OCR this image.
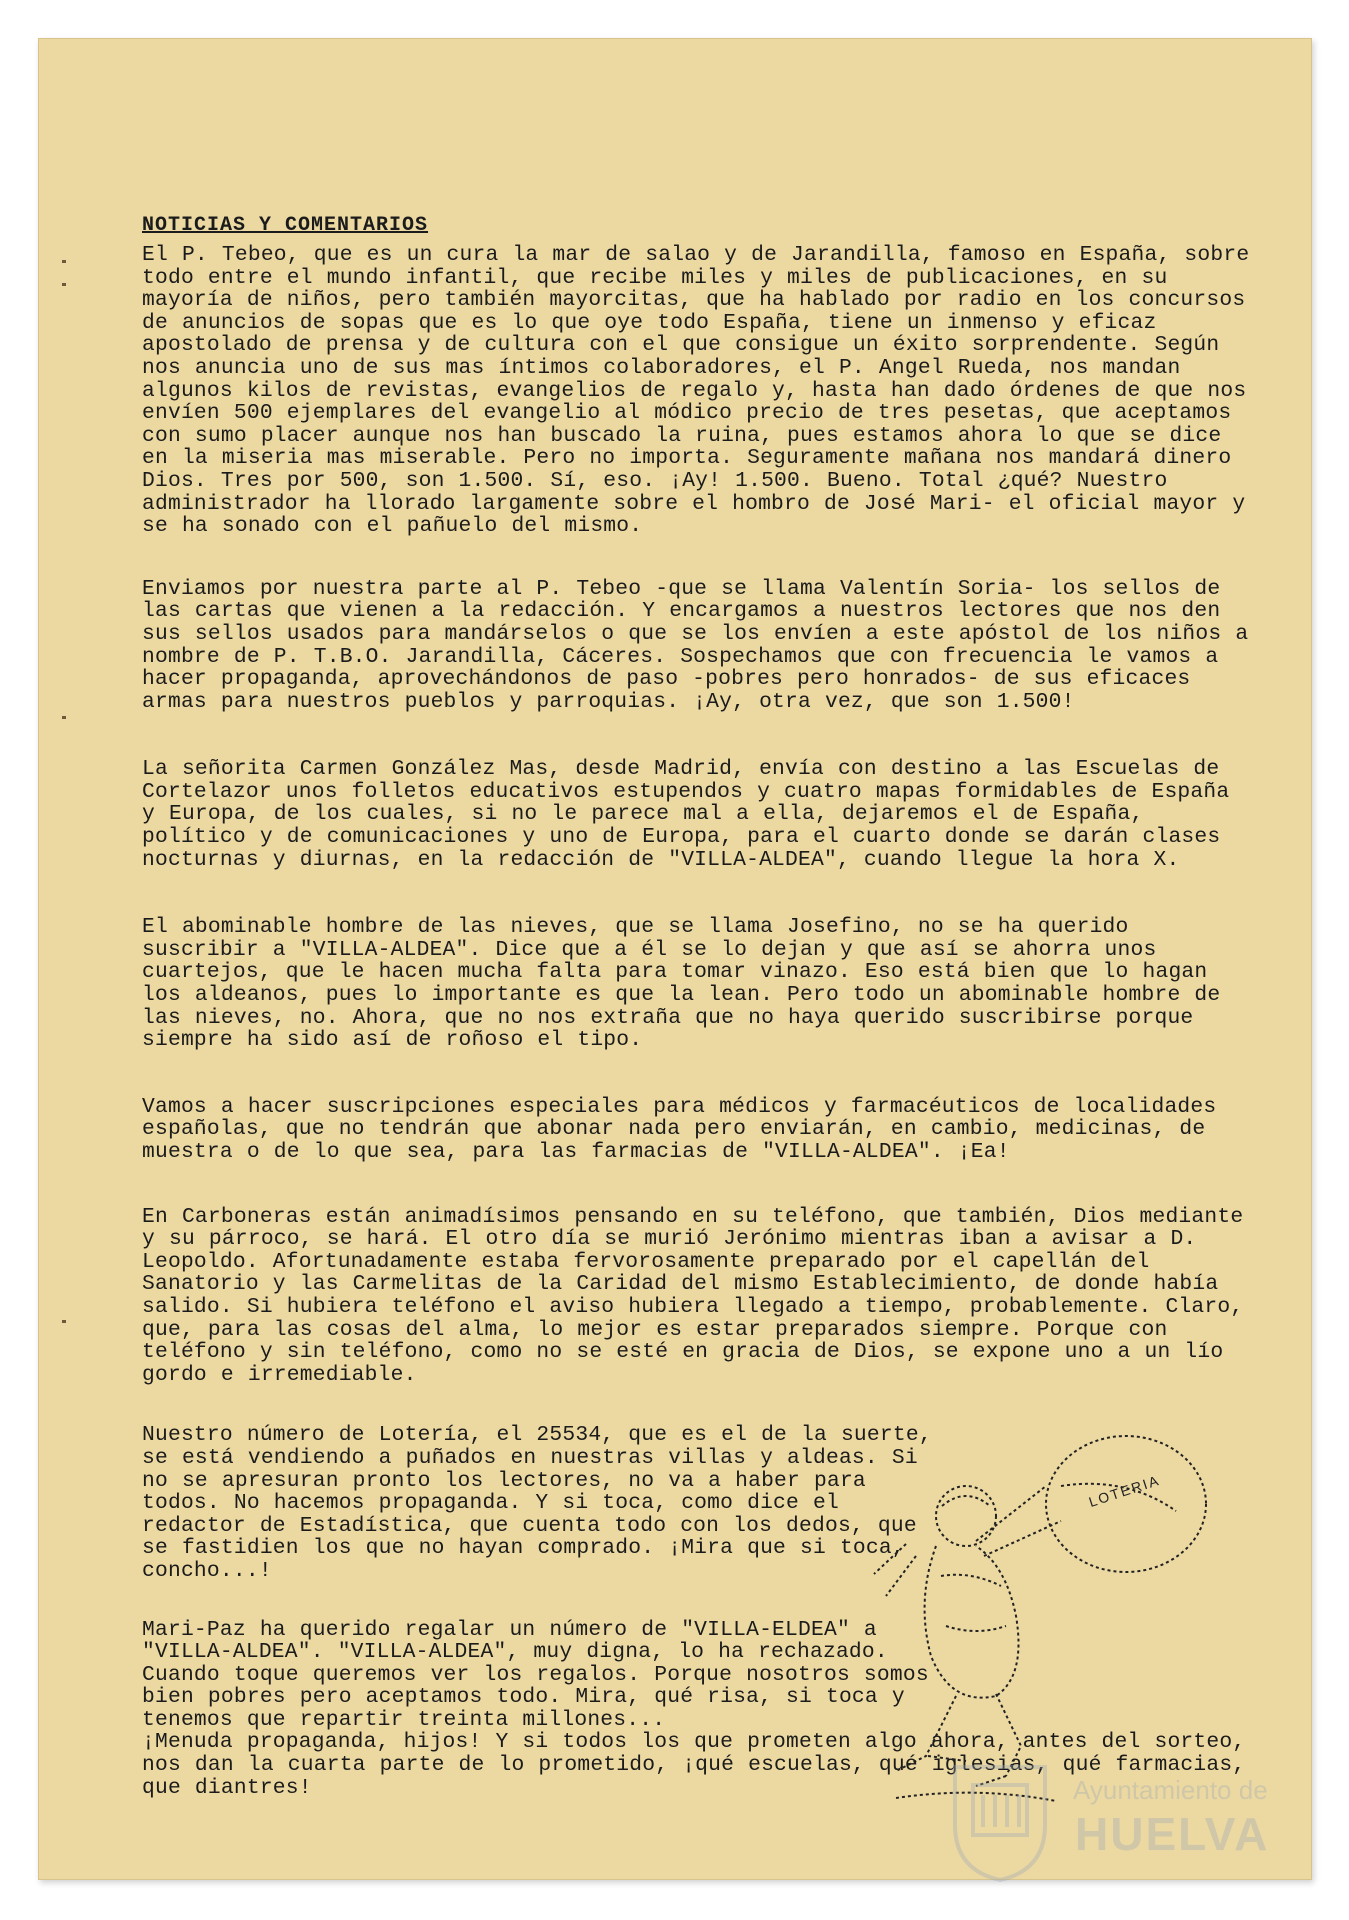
NOTICIAS_Y_COMENTARIOS

El P. Tebeo, que es un cura la mar de salao y de Jarandilla, famoso en España, sobre todo entre el mundo infantil, que recibe miles y miles de publicaciones, en su mayoría de niños, pero también mayorcitas, que ha hablado por radio en los concursos de anuncios de sopas que es lo que oye todo España, tiene un inmenso y eficaz apostolado de prensa y de cultura con el que consigue un éxito sorprendente. Según nos anuncia uno de sus mas íntimos colaboradores, el P. Angel Rueda, nos mandan algunos kilos de revistas, evangelios de regalo y, hasta han dado órdenes de que nos envíen 500 ejemplares del evangelio al módico precio de tres pesetas, que aceptamos con sumo placer aunque nos han buscado la ruina, pues estamos ahora lo que se dice en la miseria mas miserable. Pero no importa. Seguramente mañana nos mandará dinero Dios. Tres por 500, son 1.500. Sí, eso. ¡Ay! 1.500. Bueno. Total ¿qué? Nuestro administrador ha llorado largamente sobre el hombro de José Mari- el oficial mayor y se ha sonado con el pañuelo del mismo.

Enviamos por nuestra parte al P. Tebeo -que se llama Valentín Soria- los sellos de las cartas que vienen a la redacción. Y encargamos a nuestros lectores que nos den sus sellos usados para mandárselos o que se los envíen a este apóstol de los niños a nombre de P. T.B.O. Jarandilla, Cáceres. Sospechamos que con frecuencia le vamos a hacer propaganda, aprovechándonos de paso -pobres pero honrados- de sus eficaces armas para nuestros pueblos y parroquias. ¡Ay, otra vez, que son 1.500!

La señorita Carmen González Mas, desde Madrid, envía con destino a las Escuelas de Cortelazor unos folletos educativos estupendos y cuatro mapas formidables de España y Europa, de los cuales, si no le parece mal a ella, dejaremos el de España, político y de comunicaciones y uno de Europa, para el cuarto donde se darán clases nocturnas y diurnas, en la redacción de "VILLA-ALDEA", cuando llegue la hora X.

El abominable hombre de las nieves, que se llama Josefino, no se ha querido suscribir a "VILLA-ALDEA". Dice que a él se lo dejan y que así se ahorra unos cuartejos, que le hacen mucha falta para tomar vinazo. Eso está bien que lo hagan los aldeanos, pues lo importante es que la lean. Pero todo un abominable hombre de las nieves, no. Ahora, que no nos extraña que no haya querido suscribirse porque siempre ha sido así de roñoso el tipo.

Vamos a hacer suscripciones especiales para médicos y farmacéuticos de localidades españolas, que no tendrán que abonar nada pero enviarán, en cambio, medicinas, de muestra o de lo que sea, para las farmacias de "VILLA-ALDEA". ¡Ea!

En Carboneras están animadísimos pensando en su teléfono, que también, Dios mediante y su párroco, se hará. El otro día se murió Jerónimo mientras iban a avisar a D. Leopoldo. Afortunadamente estaba fervorosamente preparado por el capellán del Sanatorio y las Carmelitas de la Caridad del mismo Establecimiento, de donde había salido. Si hubiera teléfono el aviso hubiera llegado a tiempo, probablemente. Claro, que, para las cosas del alma, lo mejor es estar preparados siempre. Porque con teléfono y sin teléfono, como no se esté en gracia de Dios, se expone uno a un lío gordo e irremediable.

Nuestro número de Lotería, el 25534, que es el de la suerte, se está vendiendo a puñados en nuestras villas y aldeas. Si no se apresuran pronto los lectores, no va a haber para todos. No hacemos propaganda. Y si toca, como dice el redactor de Estadística, que cuenta todo con los dedos, que se fastidien los que no hayan comprado. ¡Mira que si toca, concho...!

Mari-Paz ha querido regalar un número de "VILLA-ELDEA" a "VILLA-ALDEA". "VILLA-ALDEA", muy digna, lo ha rechazado. Cuando toque queremos ver los regalos. Porque nosotros somos bien pobres pero aceptamos todo. Mira, qué risa, si toca y tenemos que repartir treinta millones...

¡Menuda propaganda, hijos! Y si todos los que prometen algo ahora, antes del sorteo, nos dan la cuarta parte de lo prometido, ¡qué escuelas, qué iglesias, qué farmacias, que diantres!

LOTERIA
Ayuntamiento de
HUELVA
